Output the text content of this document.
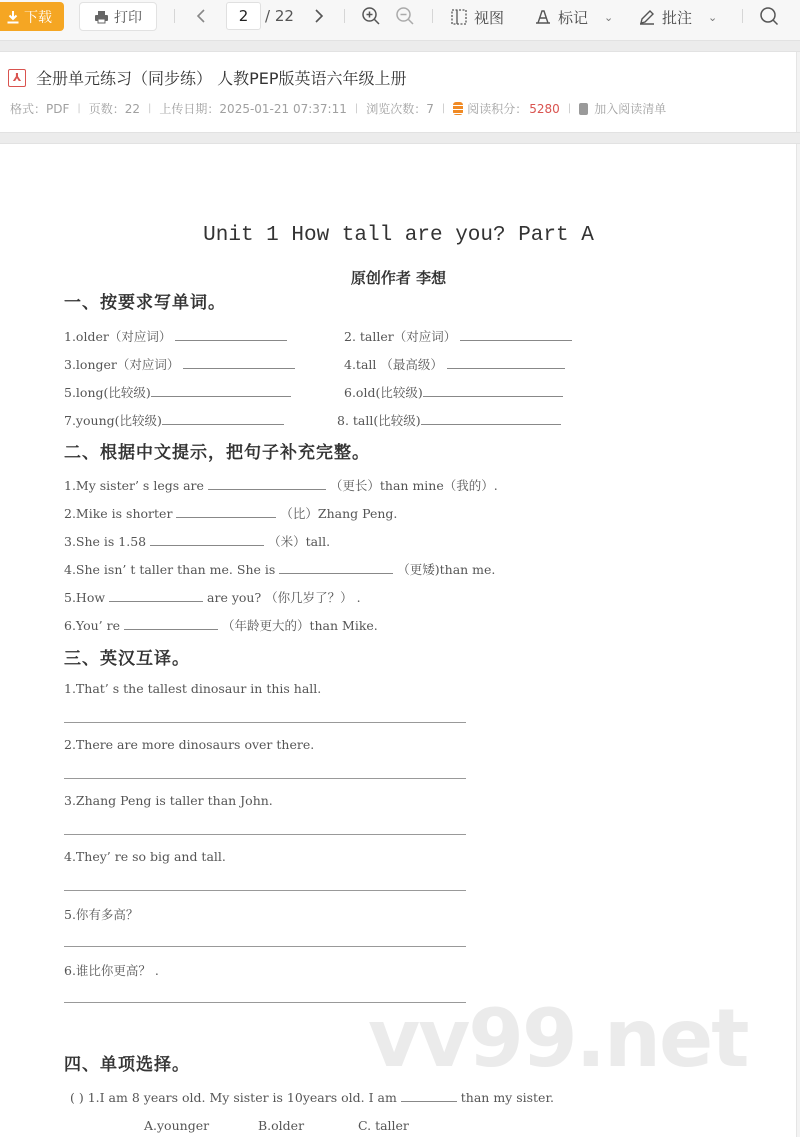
下载	打印	2	/ 22	视图	标记 ⌄	批注 ⌄
⅄ 全册单元练习（同步练） 人教PEP版英语六年级上册
格式：PDF | 页数：22 | 上传日期：2025-01-21 07:37:11 | 浏览次数：7 | 阅读积分： 5280 | 加入阅读清单
Unit 1 How tall are you? Part A
原创作者 李想
一、按要求写单词。
1.older（对应词）	2. taller（对应词）
3.longer（对应词）	4.tall （最高级）
5.long(比较级)	6.old(比较级)
7.young(比较级)	8. tall(比较级)
二、根据中文提示，把句子补充完整。
1.My sister’ s legs are	（更长）than mine（我的）.
2.Mike is shorter	（比）Zhang Peng.
3.She is 1.58	（米）tall.
4.She isn’ t taller than me. She is	（更矮)than me.
5.How	are you? （你几岁了？） .
6.You’ re	（年龄更大的）than Mike.
三、英汉互译。
1.That’ s the tallest dinosaur in this hall.
2.There are more dinosaurs over there.
3.Zhang Peng is taller than John.
4.They’ re so big and tall.
5.你有多高？
6.谁比你更高？ .
vv99.net
四、单项选择。
( ) 1.I am 8 years old. My sister is 10years old. I am	than my sister.
A.younger	B.older	C. taller
